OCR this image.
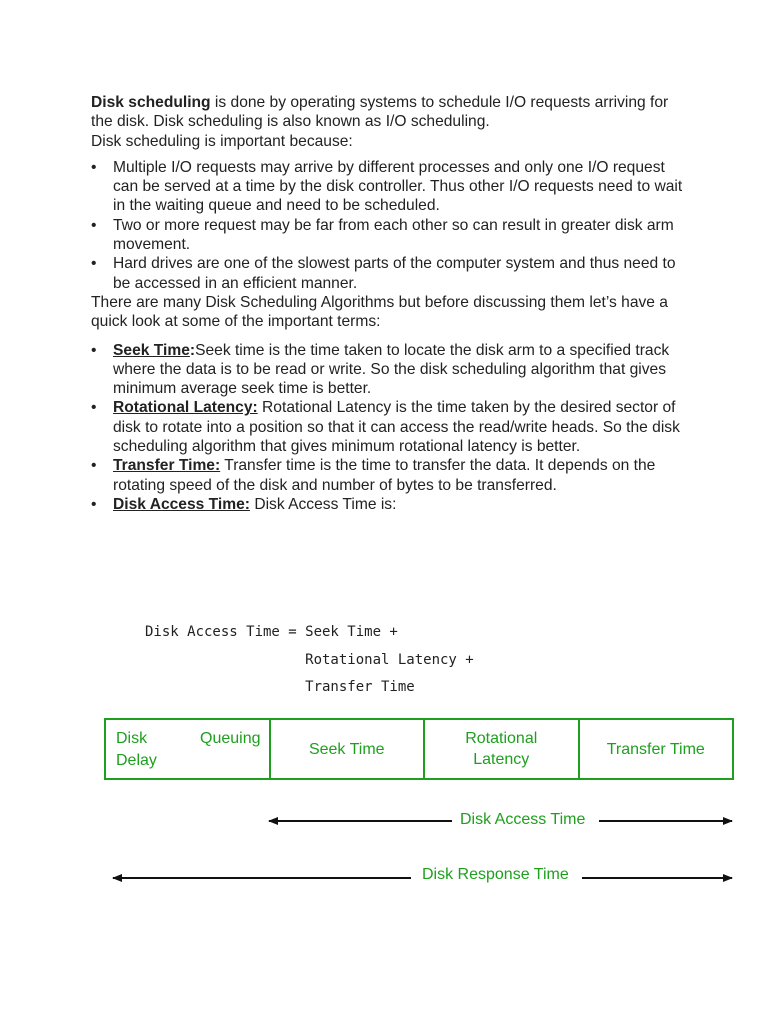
Disk scheduling is done by operating systems to schedule I/O requests arriving for the disk. Disk scheduling is also known as I/O scheduling.
Disk scheduling is important because:

• Multiple I/O requests may arrive by different processes and only one I/O request can be served at a time by the disk controller. Thus other I/O requests need to wait in the waiting queue and need to be scheduled.
• Two or more request may be far from each other so can result in greater disk arm movement.
• Hard drives are one of the slowest parts of the computer system and thus need to be accessed in an efficient manner.

There are many Disk Scheduling Algorithms but before discussing them let’s have a quick look at some of the important terms:

• Seek Time:Seek time is the time taken to locate the disk arm to a specified track where the data is to be read or write. So the disk scheduling algorithm that gives minimum average seek time is better.
• Rotational Latency: Rotational Latency is the time taken by the desired sector of disk to rotate into a position so that it can access the read/write heads. So the disk scheduling algorithm that gives minimum rotational latency is better.
• Transfer Time: Transfer time is the time to transfer the data. It depends on the rotating speed of the disk and number of bytes to be transferred.
• Disk Access Time: Disk Access Time is:
Disk Access Time = Seek Time +
Rotational Latency +
Transfer Time
Disk	Queuing
Delay
Seek Time
Rotational
Latency
Transfer Time
Disk Access Time
Disk Response Time
